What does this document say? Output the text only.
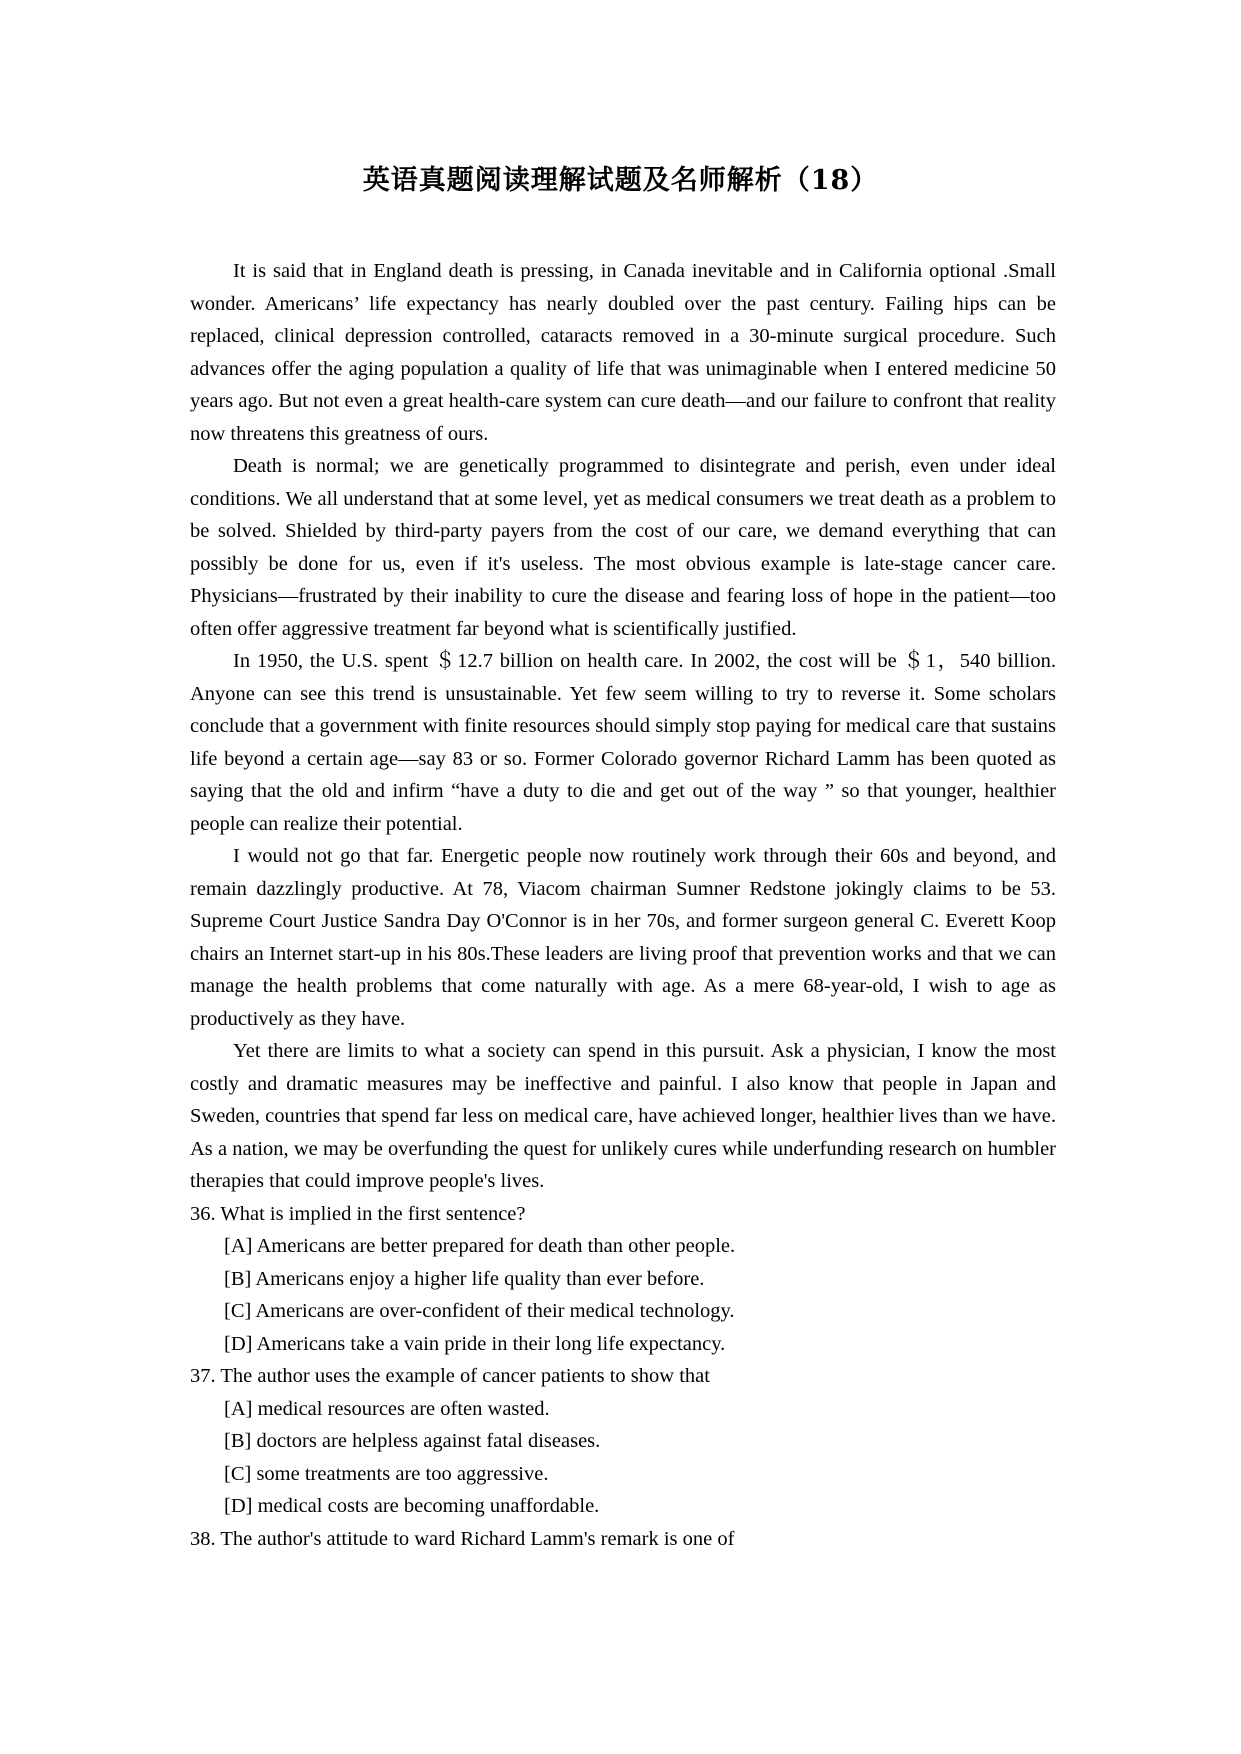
英语真题阅读理解试题及名师解析（18）

It is said that in England death is pressing, in Canada inevitable and in California optional .Small wonder. Americans’ life expectancy has nearly doubled over the past century. Failing hips can be replaced, clinical depression controlled, cataracts removed in a 30-minute surgical procedure. Such advances offer the aging population a quality of life that was unimaginable when I entered medicine 50 years ago. But not even a great health-care system can cure death—and our failure to confront that reality now threatens this greatness of ours.

Death is normal; we are genetically programmed to disintegrate and perish, even under ideal conditions. We all understand that at some level, yet as medical consumers we treat death as a problem to be solved. Shielded by third-party payers from the cost of our care, we demand everything that can possibly be done for us, even if it's useless. The most obvious example is late-stage cancer care. Physicians—frustrated by their inability to cure the disease and fearing loss of hope in the patient—too often offer aggressive treatment far beyond what is scientifically justified.

In 1950, the U.S. spent ＄12.7 billion on health care. In 2002, the cost will be ＄1，540 billion. Anyone can see this trend is unsustainable. Yet few seem willing to try to reverse it. Some scholars conclude that a government with finite resources should simply stop paying for medical care that sustains life beyond a certain age—say 83 or so. Former Colorado governor Richard Lamm has been quoted as saying that the old and infirm “have a duty to die and get out of the way ” so that younger, healthier people can realize their potential.

I would not go that far. Energetic people now routinely work through their 60s and beyond, and remain dazzlingly productive. At 78, Viacom chairman Sumner Redstone jokingly claims to be 53. Supreme Court Justice Sandra Day O'Connor is in her 70s, and former surgeon general C. Everett Koop chairs an Internet start-up in his 80s.These leaders are living proof that prevention works and that we can manage the health problems that come naturally with age. As a mere 68-year-old, I wish to age as productively as they have.

Yet there are limits to what a society can spend in this pursuit. Ask a physician, I know the most costly and dramatic measures may be ineffective and painful. I also know that people in Japan and Sweden, countries that spend far less on medical care, have achieved longer, healthier lives than we have. As a nation, we may be overfunding the quest for unlikely cures while underfunding research on humbler therapies that could improve people's lives.

36. What is implied in the first sentence?
[A] Americans are better prepared for death than other people.
[B] Americans enjoy a higher life quality than ever before.
[C] Americans are over-confident of their medical technology.
[D] Americans take a vain pride in their long life expectancy.
37. The author uses the example of cancer patients to show that
[A] medical resources are often wasted.
[B] doctors are helpless against fatal diseases.
[C] some treatments are too aggressive.
[D] medical costs are becoming unaffordable.
38. The author's attitude to ward Richard Lamm's remark is one of
